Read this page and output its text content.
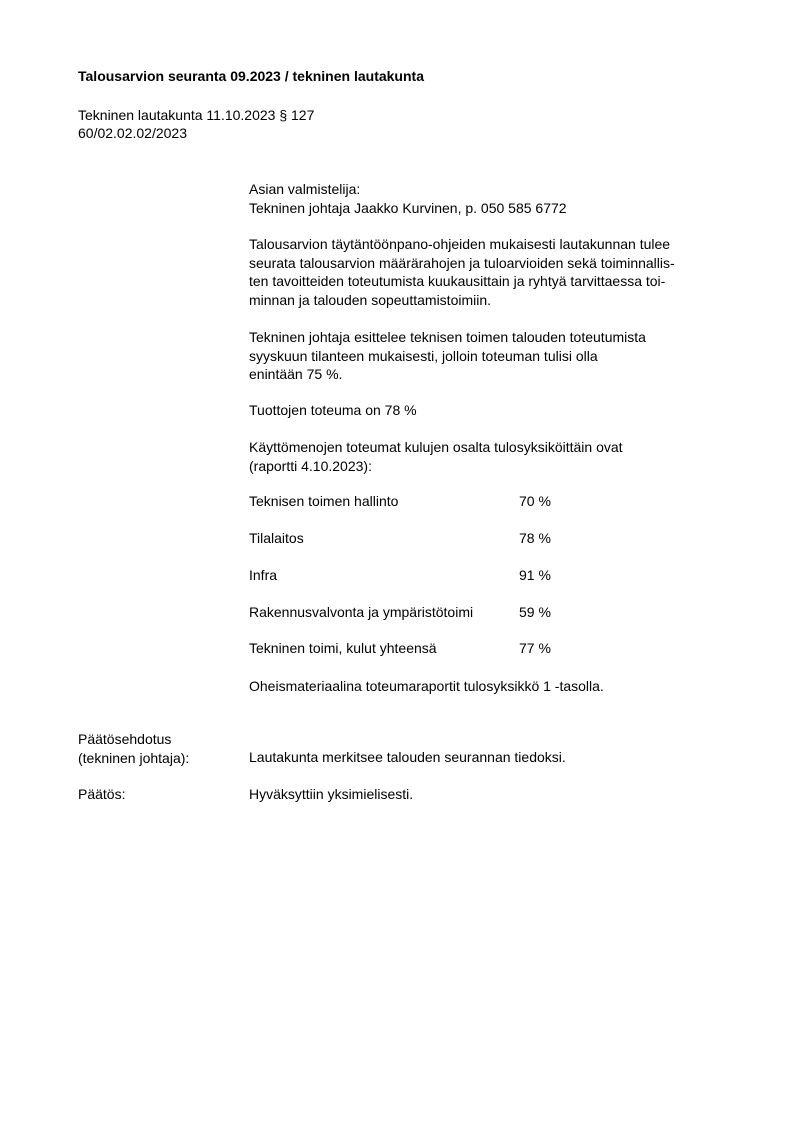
Talousarvion seuranta 09.2023 / tekninen lautakunta
Tekninen lautakunta 11.10.2023 § 127
60/02.02.02/2023
Asian valmistelija:
Tekninen johtaja Jaakko Kurvinen, p. 050 585 6772
Talousarvion täytäntöönpano-ohjeiden mukaisesti lautakunnan tulee
seurata talousarvion määrärahojen ja tuloarvioiden sekä toiminnallis-
ten tavoitteiden toteutumista kuukausittain ja ryhtyä tarvittaessa toi-
minnan ja talouden sopeuttamistoimiin.
Tekninen johtaja esittelee teknisen toimen talouden toteutumista
syyskuun tilanteen mukaisesti, jolloin toteuman tulisi olla
enintään 75 %.
Tuottojen toteuma on 78 %
Käyttömenojen toteumat kulujen osalta tulosyksiköittäin ovat
(raportti 4.10.2023):
Teknisen toimen hallinto	70 %
Tilalaitos	78 %
Infra	91 %
Rakennusvalvonta ja ympäristötoimi	59 %
Tekninen toimi, kulut yhteensä	77 %
Oheismateriaalina toteumaraportit tulosyksikkö 1 -tasolla.
Päätösehdotus
(tekninen johtaja):	Lautakunta merkitsee talouden seurannan tiedoksi.
Päätös:	Hyväksyttiin yksimielisesti.
